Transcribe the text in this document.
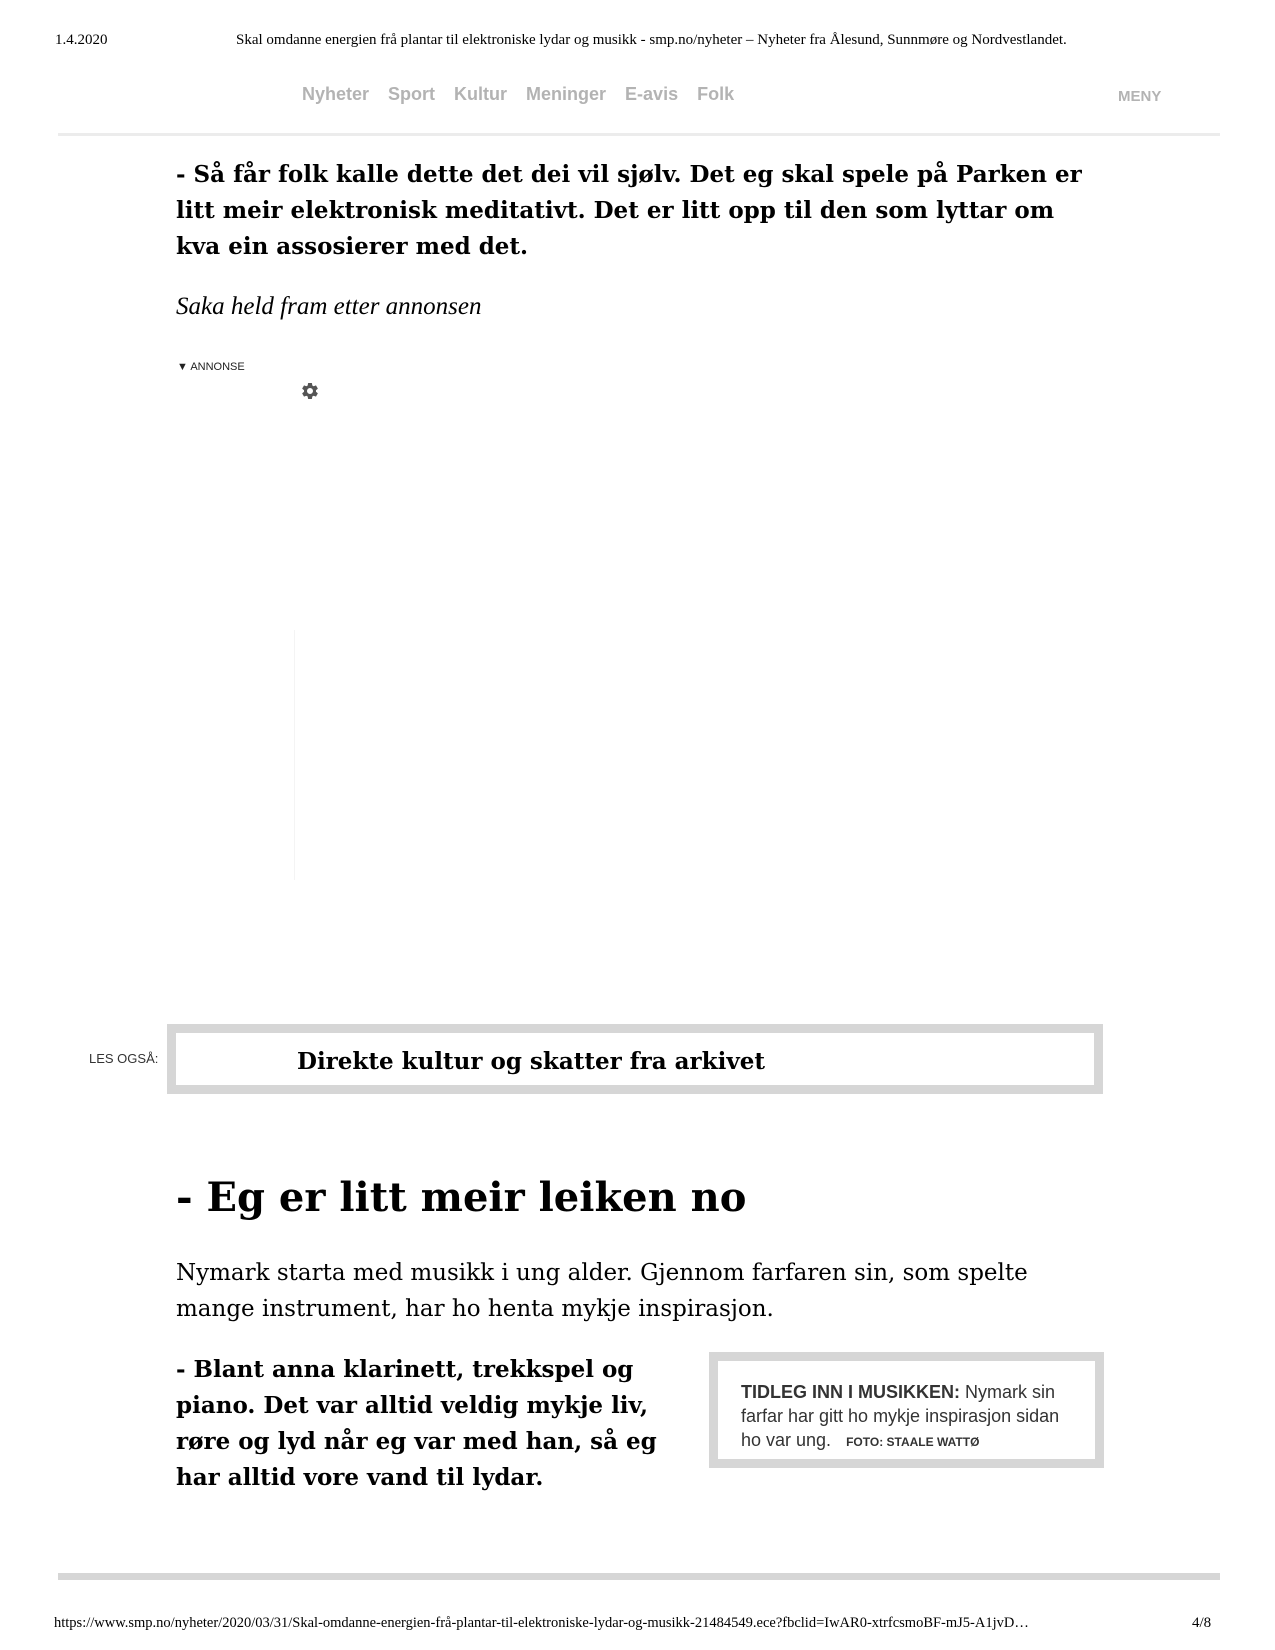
1.4.2020	Skal omdanne energien frå plantar til elektroniske lydar og musikk - smp.no/nyheter – Nyheter fra Ålesund, Sunnmøre og Nordvestlandet.
Nyheter Sport Kultur Meninger E-avis Folk	MENY
- Så får folk kalle dette det dei vil sjølv. Det eg skal spele på Parken er litt meir elektronisk meditativt. Det er litt opp til den som lyttar om kva ein assosierer med det.
Saka held fram etter annonsen
▼ ANNONSE
LES OGSÅ:	Direkte kultur og skatter fra arkivet
- Eg er litt meir leiken no
Nymark starta med musikk i ung alder. Gjennom farfaren sin, som spelte mange instrument, har ho henta mykje inspirasjon.
- Blant anna klarinett, trekkspel og piano. Det var alltid veldig mykje liv, røre og lyd når eg var med han, så eg har alltid vore vand til lydar.
TIDLEG INN I MUSIKKEN: Nymark sin farfar har gitt ho mykje inspirasjon sidan ho var ung. FOTO: STAALE WATTØ
https://www.smp.no/nyheter/2020/03/31/Skal-omdanne-energien-frå-plantar-til-elektroniske-lydar-og-musikk-21484549.ece?fbclid=IwAR0-xtrfcsmoBF-mJ5-A1jvD…	4/8
